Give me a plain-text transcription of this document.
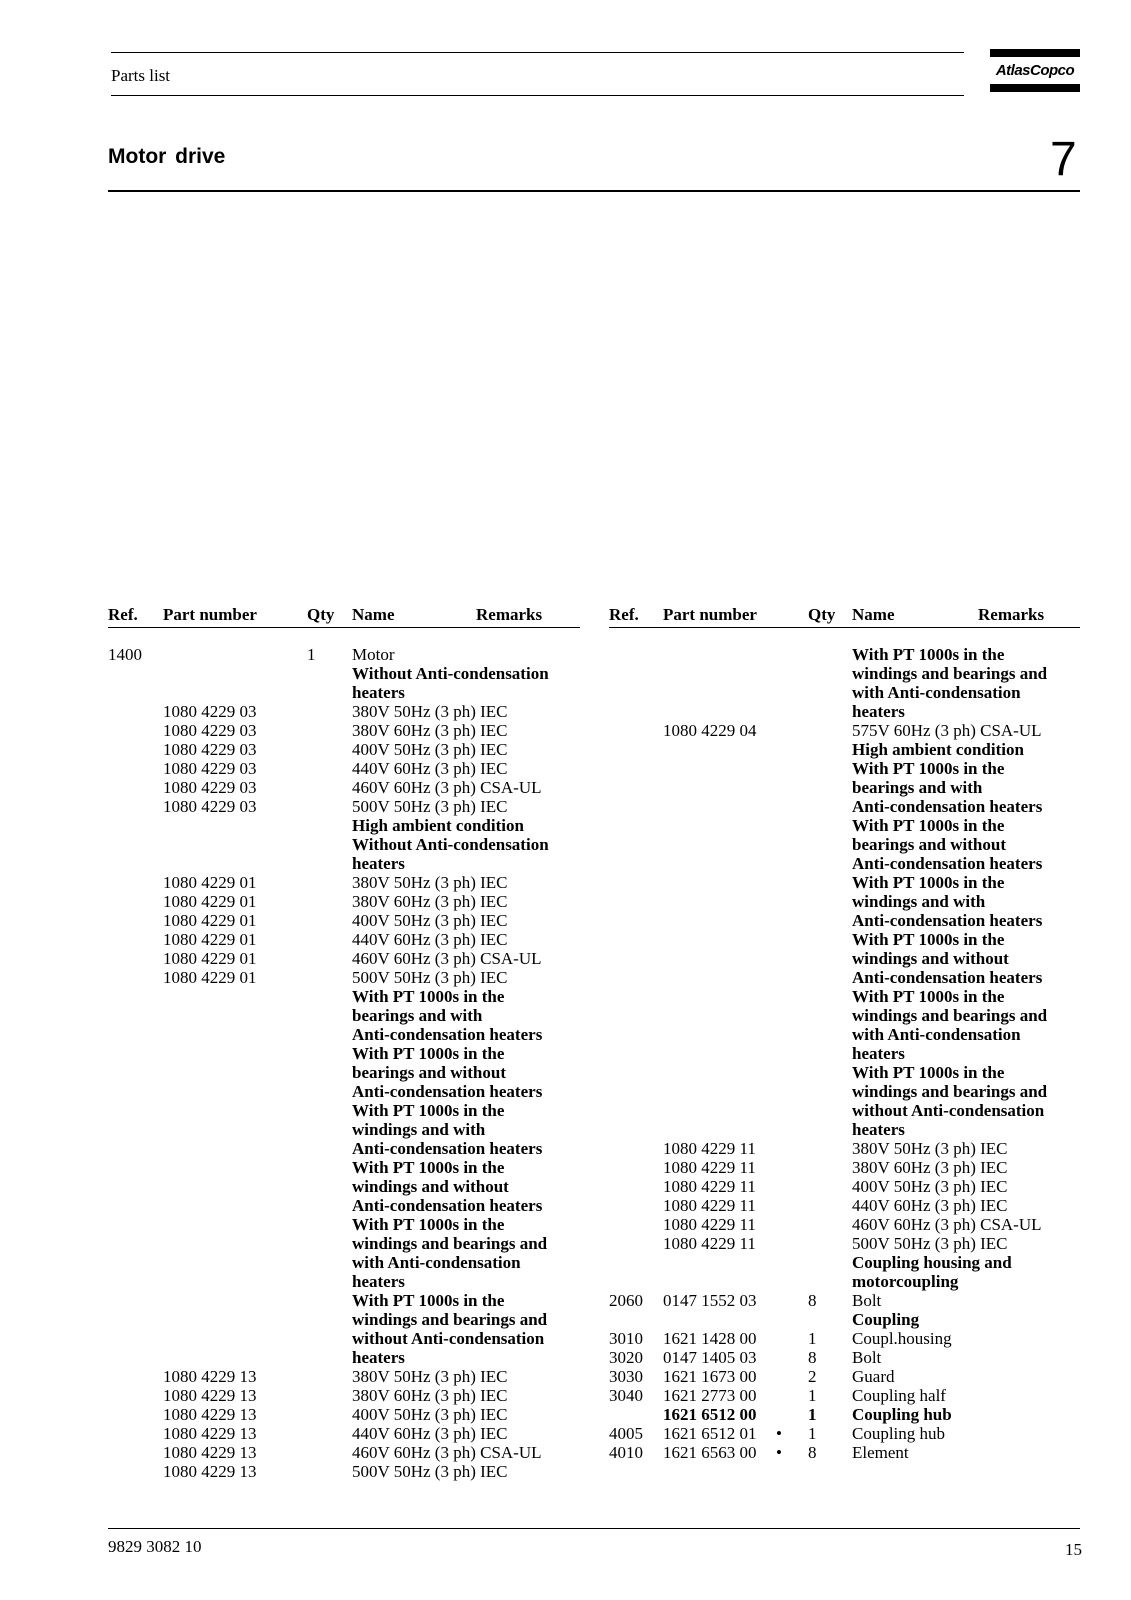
Parts list	AtlasCopco
Motor drive	7
Ref. Part number	Qty Name	Remarks	Ref. Part number	Qty Name	Remarks
1400	1 Motor
Without Anti-condensation
heaters
1080 4229 03	380V 50Hz (3 ph) IEC
1080 4229 03	380V 60Hz (3 ph) IEC
1080 4229 03	400V 50Hz (3 ph) IEC
1080 4229 03	440V 60Hz (3 ph) IEC
1080 4229 03	460V 60Hz (3 ph) CSA-UL
1080 4229 03	500V 50Hz (3 ph) IEC
High ambient condition
Without Anti-condensation
heaters
1080 4229 01	380V 50Hz (3 ph) IEC
1080 4229 01	380V 60Hz (3 ph) IEC
1080 4229 01	400V 50Hz (3 ph) IEC
1080 4229 01	440V 60Hz (3 ph) IEC
1080 4229 01	460V 60Hz (3 ph) CSA-UL
1080 4229 01	500V 50Hz (3 ph) IEC
With PT 1000s in the
bearings and with
Anti-condensation heaters
With PT 1000s in the
bearings and without
Anti-condensation heaters
With PT 1000s in the
windings and with
Anti-condensation heaters
With PT 1000s in the
windings and without
Anti-condensation heaters
With PT 1000s in the
windings and bearings and
with Anti-condensation
heaters
With PT 1000s in the
windings and bearings and
without Anti-condensation
heaters
1080 4229 13	380V 50Hz (3 ph) IEC
1080 4229 13	380V 60Hz (3 ph) IEC
1080 4229 13	400V 50Hz (3 ph) IEC
1080 4229 13	440V 60Hz (3 ph) IEC
1080 4229 13	460V 60Hz (3 ph) CSA-UL
1080 4229 13	500V 50Hz (3 ph) IEC
With PT 1000s in the
windings and bearings and
with Anti-condensation
heaters
1080 4229 04	575V 60Hz (3 ph) CSA-UL
High ambient condition
With PT 1000s in the
bearings and with
Anti-condensation heaters
With PT 1000s in the
bearings and without
Anti-condensation heaters
With PT 1000s in the
windings and with
Anti-condensation heaters
With PT 1000s in the
windings and without
Anti-condensation heaters
With PT 1000s in the
windings and bearings and
with Anti-condensation
heaters
With PT 1000s in the
windings and bearings and
without Anti-condensation
heaters
1080 4229 11	380V 50Hz (3 ph) IEC
1080 4229 11	380V 60Hz (3 ph) IEC
1080 4229 11	400V 50Hz (3 ph) IEC
1080 4229 11	440V 60Hz (3 ph) IEC
1080 4229 11	460V 60Hz (3 ph) CSA-UL
1080 4229 11	500V 50Hz (3 ph) IEC
Coupling housing and
motorcoupling
2060 0147 1552 03	8 Bolt
Coupling
3010 1621 1428 00	1 Coupl.housing
3020 0147 1405 03	8 Bolt
3030 1621 1673 00	2 Guard
3040 1621 2773 00	1 Coupling half
1621 6512 00	1 Coupling hub
4005 1621 6512 01 • 1 Coupling hub
4010 1621 6563 00 • 8 Element
9829 3082 10	15
